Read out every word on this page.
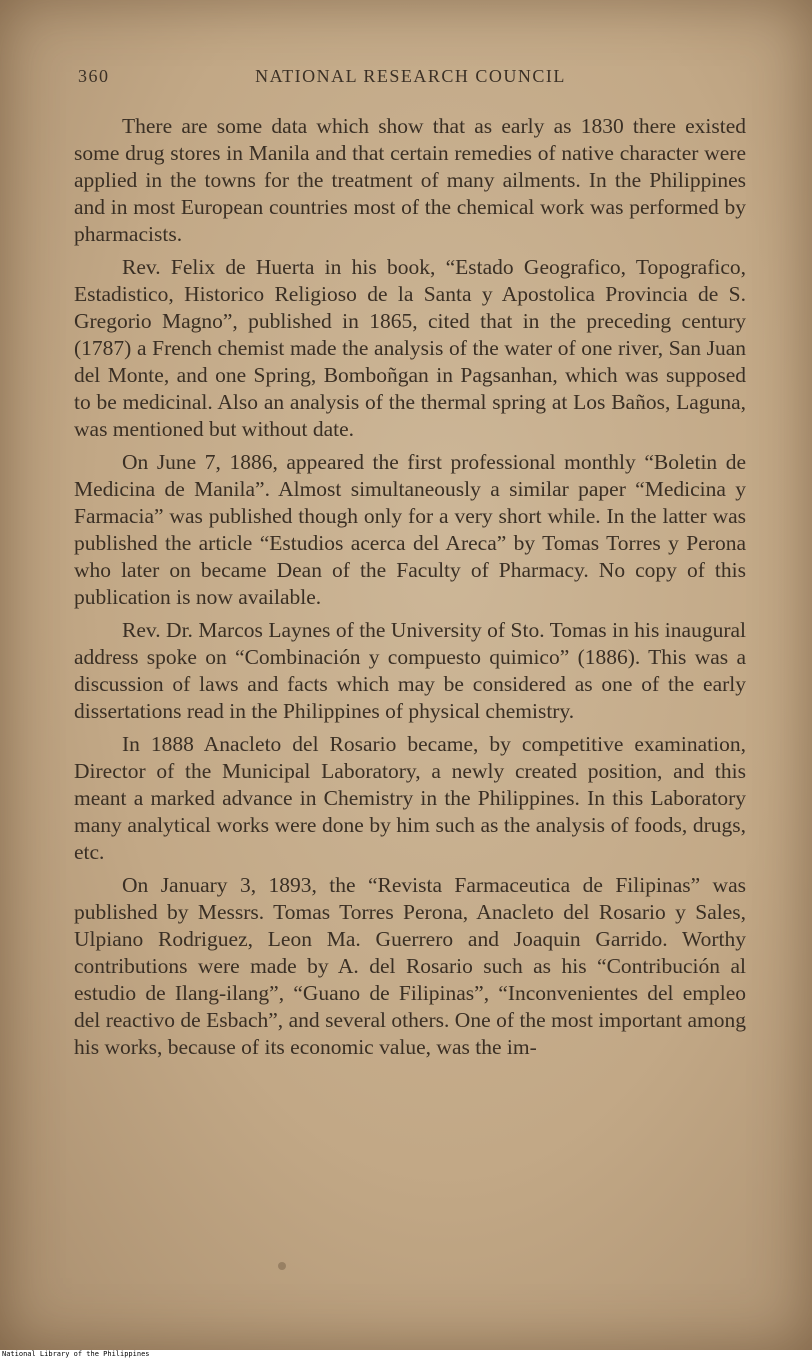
360	NATIONAL RESEARCH COUNCIL

There are some data which show that as early as 1830 there existed some drug stores in Manila and that certain remedies of native character were applied in the towns for the treatment of many ailments. In the Philippines and in most European countries most of the chemical work was performed by pharmacists.

Rev. Felix de Huerta in his book, “Estado Geografico, Topografico, Estadistico, Historico Religioso de la Santa y Apostolica Provincia de S. Gregorio Magno”, published in 1865, cited that in the preceding century (1787) a French chemist made the analysis of the water of one river, San Juan del Monte, and one Spring, Bomboñgan in Pagsanhan, which was supposed to be medicinal. Also an analysis of the thermal spring at Los Baños, Laguna, was mentioned but without date.

On June 7, 1886, appeared the first professional monthly “Boletin de Medicina de Manila”. Almost simultaneously a similar paper “Medicina y Farmacia” was published though only for a very short while. In the latter was published the article “Estudios acerca del Areca” by Tomas Torres y Perona who later on became Dean of the Faculty of Pharmacy. No copy of this publication is now available.

Rev. Dr. Marcos Laynes of the University of Sto. Tomas in his inaugural address spoke on “Combinación y compuesto quimico” (1886). This was a discussion of laws and facts which may be considered as one of the early dissertations read in the Philippines of physical chemistry.

In 1888 Anacleto del Rosario became, by competitive examination, Director of the Municipal Laboratory, a newly created position, and this meant a marked advance in Chemistry in the Philippines. In this Laboratory many analytical works were done by him such as the analysis of foods, drugs, etc.

On January 3, 1893, the “Revista Farmaceutica de Filipinas” was published by Messrs. Tomas Torres Perona, Anacleto del Rosario y Sales, Ulpiano Rodriguez, Leon Ma. Guerrero and Joaquin Garrido. Worthy contributions were made by A. del Rosario such as his “Contribución al estudio de Ilang-ilang”, “Guano de Filipinas”, “Inconvenientes del empleo del reactivo de Esbach”, and several others. One of the most important among his works, because of its economic value, was the im-

National Library of the Philippines
